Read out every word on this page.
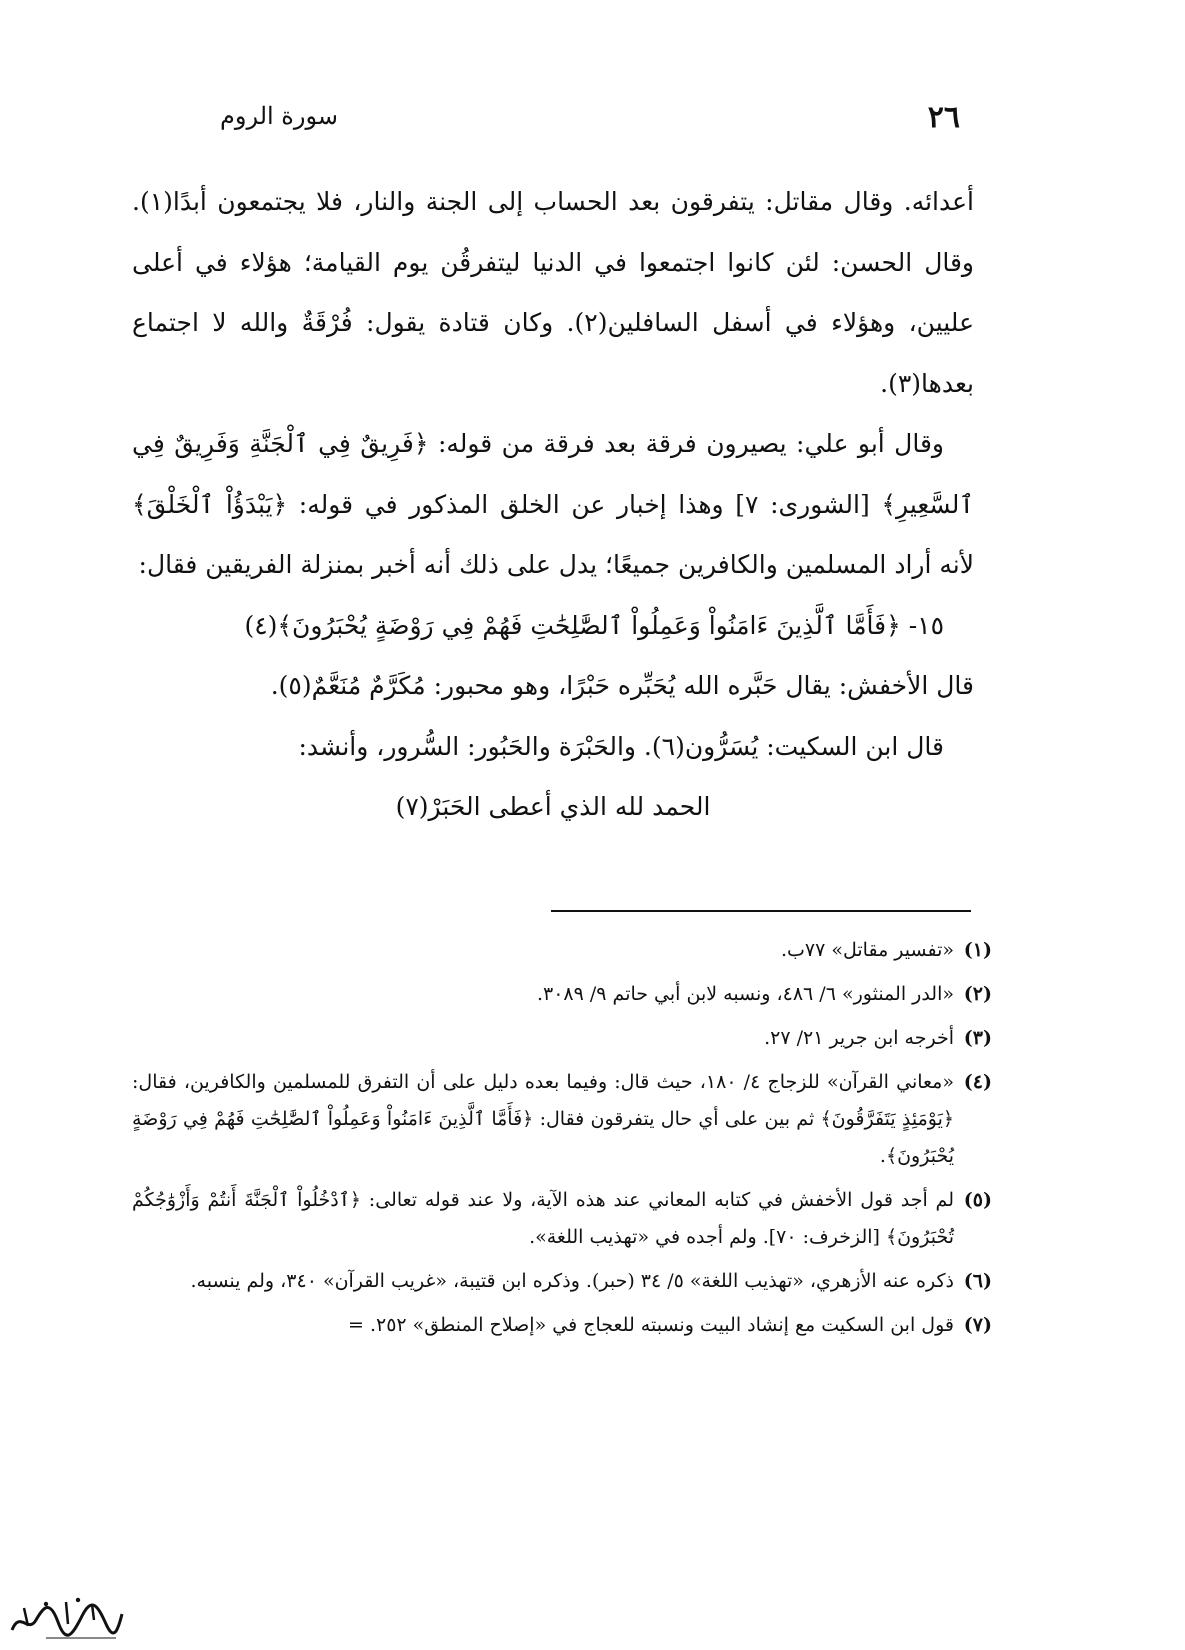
٢٦
سورة الروم

أعدائه. وقال مقاتل: يتفرقون بعد الحساب إلى الجنة والنار، فلا يجتمعون أبدًا(١). وقال الحسن: لئن كانوا اجتمعوا في الدنيا ليتفرقُن يوم القيامة؛ هؤلاء في أعلى عليين، وهؤلاء في أسفل السافلين(٢). وكان قتادة يقول: فُرْقَةٌ والله لا اجتماع بعدها(٣).

وقال أبو علي: يصيرون فرقة بعد فرقة من قوله: ﴿فَرِيقٌ فِي ٱلْجَنَّةِ وَفَرِيقٌ فِي ٱلسَّعِيرِ﴾ [الشورى: ٧] وهذا إخبار عن الخلق المذكور في قوله: ﴿يَبْدَؤُاْ ٱلْخَلْقَ﴾ لأنه أراد المسلمين والكافرين جميعًا؛ يدل على ذلك أنه أخبر بمنزلة الفريقين فقال:

١٥- ﴿فَأَمَّا ٱلَّذِينَ ءَامَنُواْ وَعَمِلُواْ ٱلصَّٰلِحَٰتِ فَهُمْ فِي رَوْضَةٍ يُحْبَرُونَ﴾(٤)

قال الأخفش: يقال حَبَّره الله يُحَبِّره حَبْرًا، وهو محبور: مُكَرَّمٌ مُنَعَّمٌ(٥).

قال ابن السكيت: يُسَرُّون(٦). والحَبْرَة والحَبُور: السُّرور، وأنشد:

الحمد لله الذي أعطى الحَبَرْ(٧)

(١)
«تفسير مقاتل» ٧٧ب.
(٢)
«الدر المنثور» ٦/ ٤٨٦، ونسبه لابن أبي حاتم ٩/ ٣٠٨٩.
(٣)
أخرجه ابن جرير ٢١/ ٢٧.
(٤)
«معاني القرآن» للزجاج ٤/ ١٨٠، حيث قال: وفيما بعده دليل على أن التفرق للمسلمين والكافرين، فقال: ﴿يَوْمَئِذٍ يَتَفَرَّقُونَ﴾ ثم بين على أي حال يتفرقون فقال: ﴿فَأَمَّا ٱلَّذِينَ ءَامَنُواْ وَعَمِلُواْ ٱلصَّٰلِحَٰتِ فَهُمْ فِي رَوْضَةٍ يُحْبَرُونَ﴾.
(٥)
لم أجد قول الأخفش في كتابه المعاني عند هذه الآية، ولا عند قوله تعالى: ﴿ٱدْخُلُواْ ٱلْجَنَّةَ أَنتُمْ وَأَزْوَٰجُكُمْ تُحْبَرُونَ﴾ [الزخرف: ٧٠]. ولم أجده في «تهذيب اللغة».
(٦)
ذكره عنه الأزهري، «تهذيب اللغة» ٥/ ٣٤ (حبر). وذكره ابن قتيبة، «غريب القرآن» ٣٤٠، ولم ينسبه.
(٧)
قول ابن السكيت مع إنشاد البيت ونسبته للعجاج في «إصلاح المنطق» ٢٥٢. =
